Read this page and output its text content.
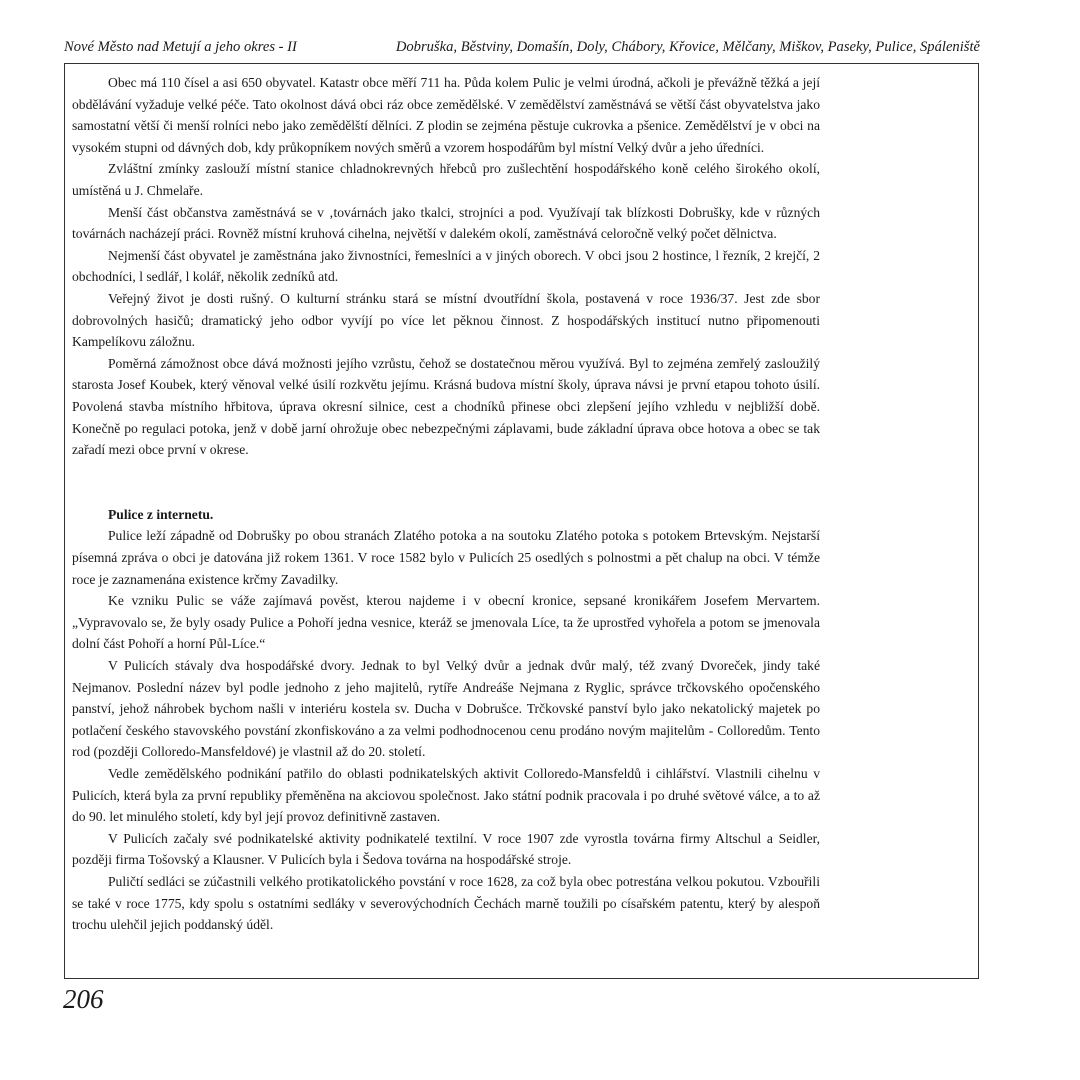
Nové Město nad Metují a jeho okres - II	Dobruška, Běstviny, Domašín, Doly, Chábory, Křovice, Mělčany, Miškov, Paseky, Pulice, Spáleniště

Obec má 110 čísel a asi 650 obyvatel. Katastr obce měří 711 ha. Půda kolem Pulic je velmi úrodná, ačkoli je převážně těžká a její obdělávání vyžaduje velké péče. Tato okolnost dává obci ráz obce zemědělské. V zemědělství zaměstnává se větší část obyvatelstva jako samostatní větší či menší rolníci nebo jako zemědělští dělníci. Z plodin se zejména pěstuje cukrovka a pšenice. Zemědělství je v obci na vysokém stupni od dávných dob, kdy průkopníkem nových směrů a vzorem hospodářům byl místní Velký dvůr a jeho úředníci.

Zvláštní zmínky zaslouží místní stanice chladnokrevných hřebců pro zušlechtění hospodářského koně celého širokého okolí, umístěná u J. Chmelaře.

Menší část občanstva zaměstnává se v ‚továrnách jako tkalci, strojníci a pod. Využívají tak blízkosti Dobrušky, kde v různých továrnách nacházejí práci. Rovněž místní kruhová cihelna, největší v dalekém okolí, zaměstnává celoročně velký počet dělnictva.

Nejmenší část obyvatel je zaměstnána jako živnostníci, řemeslníci a v jiných oborech. V obci jsou 2 hostince, l řezník, 2 krejčí, 2 obchodníci, l sedlář, l kolář, několik zedníků atd.

Veřejný život je dosti rušný. O kulturní stránku stará se místní dvoutřídní škola, postavená v roce 1936/37. Jest zde sbor dobrovolných hasičů; dramatický jeho odbor vyvíjí po více let pěknou činnost. Z hospodářských institucí nutno připomenouti Kampelíkovu záložnu.

Poměrná zámožnost obce dává možnosti jejího vzrůstu, čehož se dostatečnou měrou využívá. Byl to zejména zemřelý zasloužilý starosta Josef Koubek, který věnoval velké úsilí rozkvětu jejímu. Krásná budova místní školy, úprava návsi je první etapou tohoto úsilí. Povolená stavba místního hřbitova, úprava okresní silnice, cest a chodníků přinese obci zlepšení jejího vzhledu v nejbližší době. Konečně po regulaci potoka, jenž v době jarní ohrožuje obec nebezpečnými záplavami, bude základní úprava obce hotova a obec se tak zařadí mezi obce první v okrese.

Pulice z internetu.

Pulice leží západně od Dobrušky po obou stranách Zlatého potoka a na soutoku Zlatého potoka s potokem Brtevským. Nejstarší písemná zpráva o obci je datována již rokem 1361. V roce 1582 bylo v Pulicích 25 osedlých s polnostmi a pět chalup na obci. V témže roce je zaznamenána existence krčmy Zavadilky.

Ke vzniku Pulic se váže zajímavá pověst, kterou najdeme i v obecní kronice, sepsané kronikářem Josefem Mervartem. „Vypravovalo se, že byly osady Pulice a Pohoří jedna vesnice, kteráž se jmenovala Líce, ta že uprostřed vyhořela a potom se jmenovala dolní část Pohoří a horní Půl-Líce.“

V Pulicích stávaly dva hospodářské dvory. Jednak to byl Velký dvůr a jednak dvůr malý, též zvaný Dvoreček, jindy také Nejmanov. Poslední název byl podle jednoho z jeho majitelů, rytíře Andreáše Nejmana z Ryglic, správce trčkovského opočenského panství, jehož náhrobek bychom našli v interiéru kostela sv. Ducha v Dobrušce. Trčkovské panství bylo jako nekatolický majetek po potlačení českého stavovského povstání zkonfiskováno a za velmi podhodnocenou cenu prodáno novým majitelům - Colloredům. Tento rod (později Colloredo-Mansfeldové) je vlastnil až do 20. století.

Vedle zemědělského podnikání patřilo do oblasti podnikatelských aktivit Colloredo-Mansfeldů i cihlářství. Vlastnili cihelnu v Pulicích, která byla za první republiky přeměněna na akciovou společnost. Jako státní podnik pracovala i po druhé světové válce, a to až do 90. let minulého století, kdy byl její provoz definitivně zastaven.

V Pulicích začaly své podnikatelské aktivity podnikatelé textilní. V roce 1907 zde vyrostla továrna firmy Altschul a Seidler, později firma Tošovský a Klausner. V Pulicích byla i Šedova továrna na hospodářské stroje.

Puličtí sedláci se zúčastnili velkého protikatolického povstání v roce 1628, za což byla obec potrestána velkou pokutou. Vzbouřili se také v roce 1775, kdy spolu s ostatními sedláky v severovýchodních Čechách marně toužili po císařském patentu, který by alespoň trochu ulehčil jejich poddanský úděl.

206
